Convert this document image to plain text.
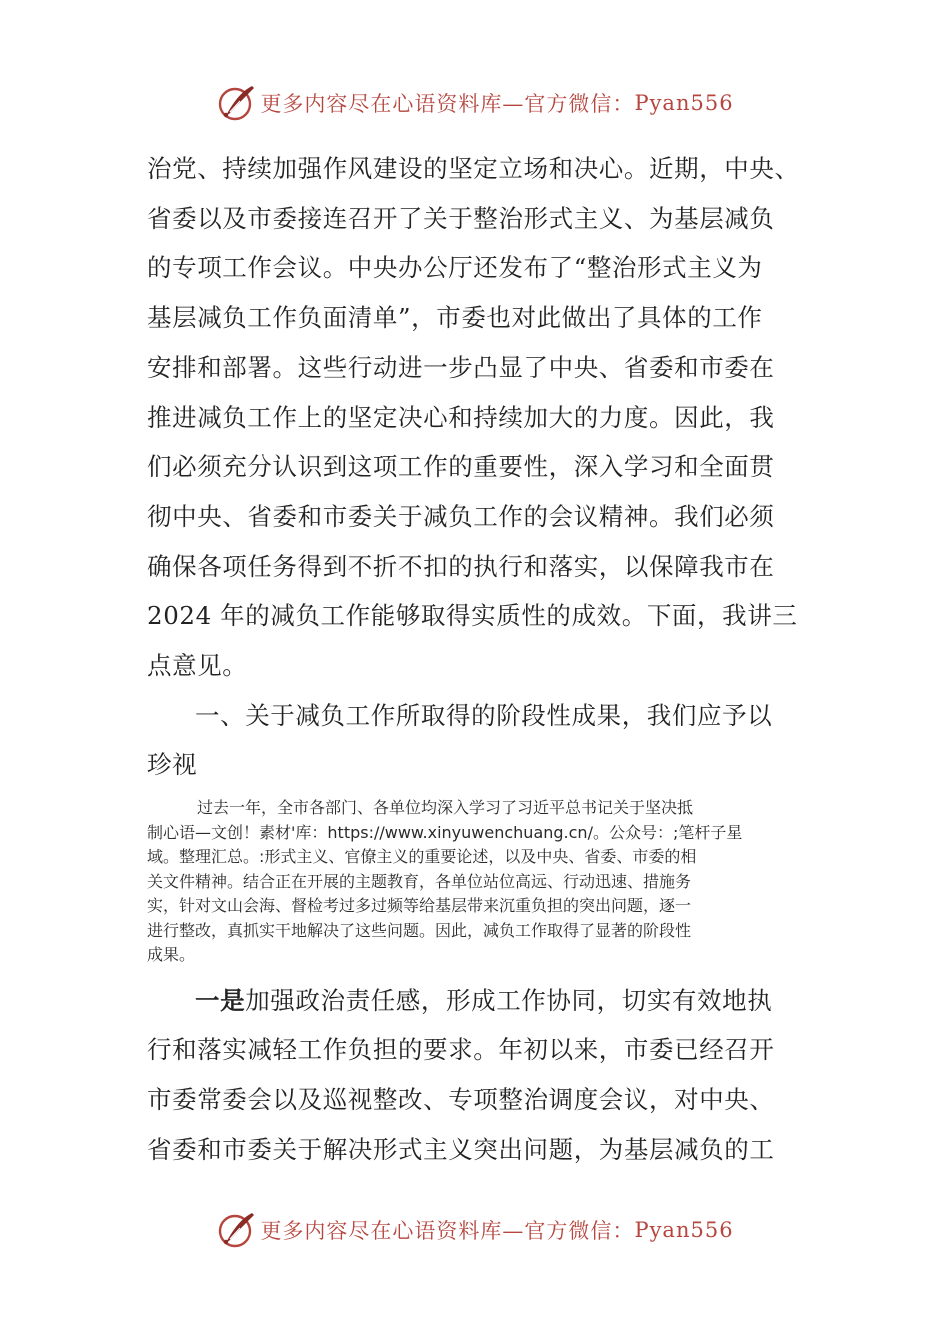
更多内容尽在心语资料库—官方微信： Pyan556
治党、持续加强作风建设的坚定立场和决心。近期，中央、
省委以及市委接连召开了关于整治形式主义、为基层减负
的专项工作会议。中央办公厅还发布了“整治形式主义为
基层减负工作负面清单”，市委也对此做出了具体的工作
安排和部署。这些行动进一步凸显了中央、省委和市委在
推进减负工作上的坚定决心和持续加大的力度。因此，我
们必须充分认识到这项工作的重要性，深入学习和全面贯
彻中央、省委和市委关于减负工作的会议精神。我们必须
确保各项任务得到不折不扣的执行和落实，以保障我市在
2024 年的减负工作能够取得实质性的成效。下面，我讲三
点意见。
一、关于减负工作所取得的阶段性成果，我们应予以
珍视
过去一年，全市各部门、各单位均深入学习了习近平总书记关于坚决抵
制心语—文创！素材'库：https://www.xinyuwenchuang.cn/。公众号：;笔杆子星
域。整理汇总。:形式主义、官僚主义的重要论述，以及中央、省委、市委的相
关文件精神。结合正在开展的主题教育，各单位站位高远、行动迅速、措施务
实，针对文山会海、督检考过多过频等给基层带来沉重负担的突出问题，逐一
进行整改，真抓实干地解决了这些问题。因此，减负工作取得了显著的阶段性
成果。
一是加强政治责任感，形成工作协同，切实有效地执
行和落实减轻工作负担的要求。年初以来，市委已经召开
市委常委会以及巡视整改、专项整治调度会议，对中央、
省委和市委关于解决形式主义突出问题，为基层减负的工
更多内容尽在心语资料库—官方微信： Pyan556
